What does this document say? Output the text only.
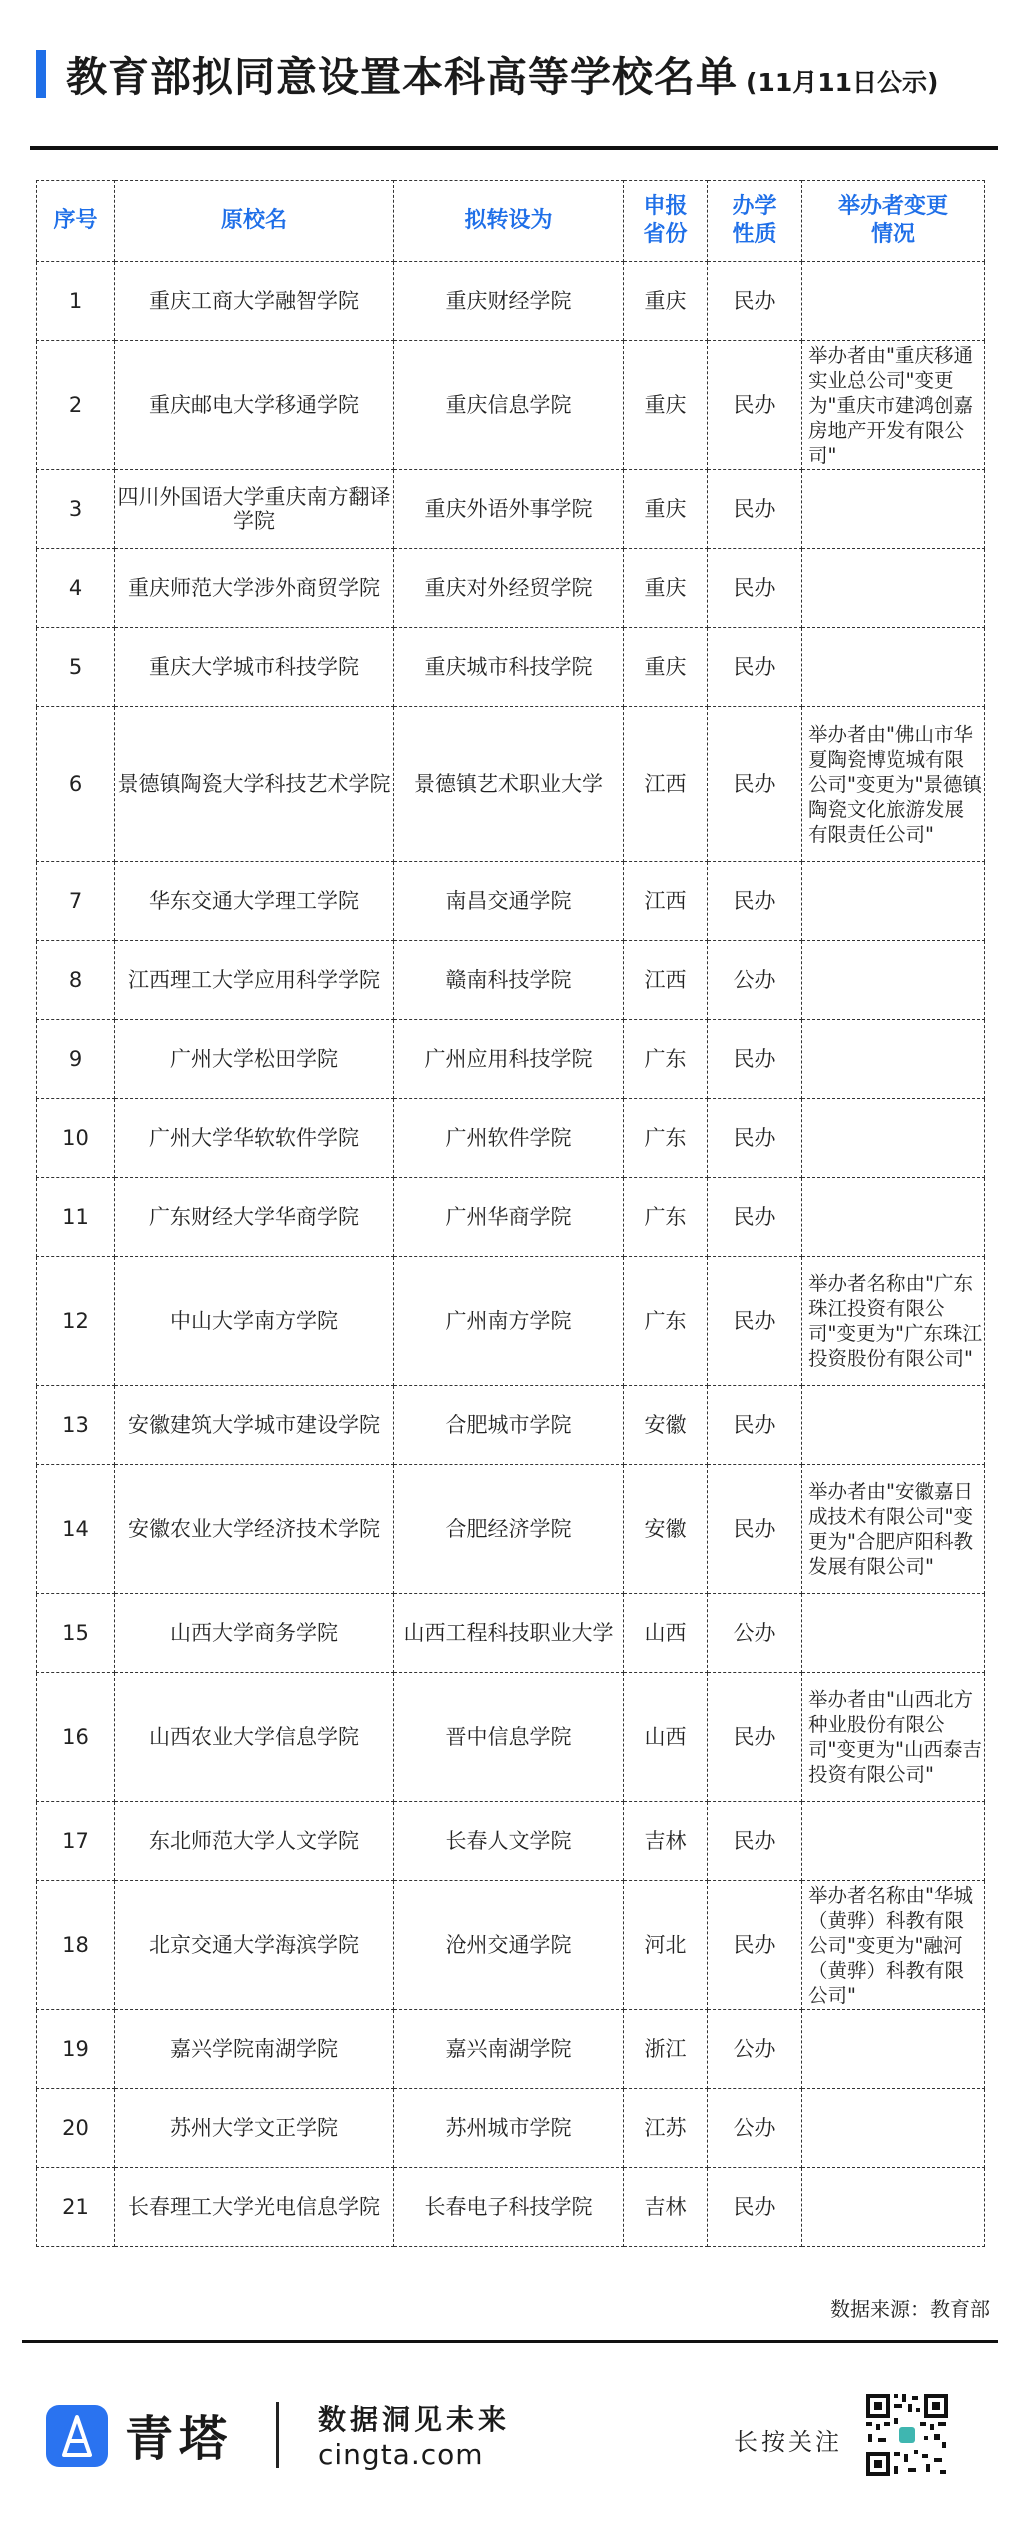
教育部拟同意设置本科高等学校名单 (11月11日公示)
序号	原校名	拟转设为	申报省份	办学性质	举办者变更情况
1	重庆工商大学融智学院	重庆财经学院	重庆	民办	
2	重庆邮电大学移通学院	重庆信息学院	重庆	民办	举办者由"重庆移通实业总公司"变更为"重庆市建鸿创嘉房地产开发有限公司"
3	四川外国语大学重庆南方翻译学院	重庆外语外事学院	重庆	民办	
4	重庆师范大学涉外商贸学院	重庆对外经贸学院	重庆	民办	
5	重庆大学城市科技学院	重庆城市科技学院	重庆	民办	
6	景德镇陶瓷大学科技艺术学院	景德镇艺术职业大学	江西	民办	举办者由"佛山市华夏陶瓷博览城有限公司"变更为"景德镇陶瓷文化旅游发展有限责任公司"
7	华东交通大学理工学院	南昌交通学院	江西	民办	
8	江西理工大学应用科学学院	赣南科技学院	江西	公办	
9	广州大学松田学院	广州应用科技学院	广东	民办	
10	广州大学华软软件学院	广州软件学院	广东	民办	
11	广东财经大学华商学院	广州华商学院	广东	民办	
12	中山大学南方学院	广州南方学院	广东	民办	举办者名称由"广东珠江投资有限公司"变更为"广东珠江投资股份有限公司"
13	安徽建筑大学城市建设学院	合肥城市学院	安徽	民办	
14	安徽农业大学经济技术学院	合肥经济学院	安徽	民办	举办者由"安徽嘉日成技术有限公司"变更为"合肥庐阳科教发展有限公司"
15	山西大学商务学院	山西工程科技职业大学	山西	公办	
16	山西农业大学信息学院	晋中信息学院	山西	民办	举办者由"山西北方种业股份有限公司"变更为"山西泰吉投资有限公司"
17	东北师范大学人文学院	长春人文学院	吉林	民办	
18	北京交通大学海滨学院	沧州交通学院	河北	民办	举办者名称由"华城（黄骅）科教有限公司"变更为"融河（黄骅）科教有限公司"
19	嘉兴学院南湖学院	嘉兴南湖学院	浙江	公办	
20	苏州大学文正学院	苏州城市学院	江苏	公办	
21	长春理工大学光电信息学院	长春电子科技学院	吉林	民办	
数据来源：教育部
青塔	数据洞见未来
cingta.com	长按关注
